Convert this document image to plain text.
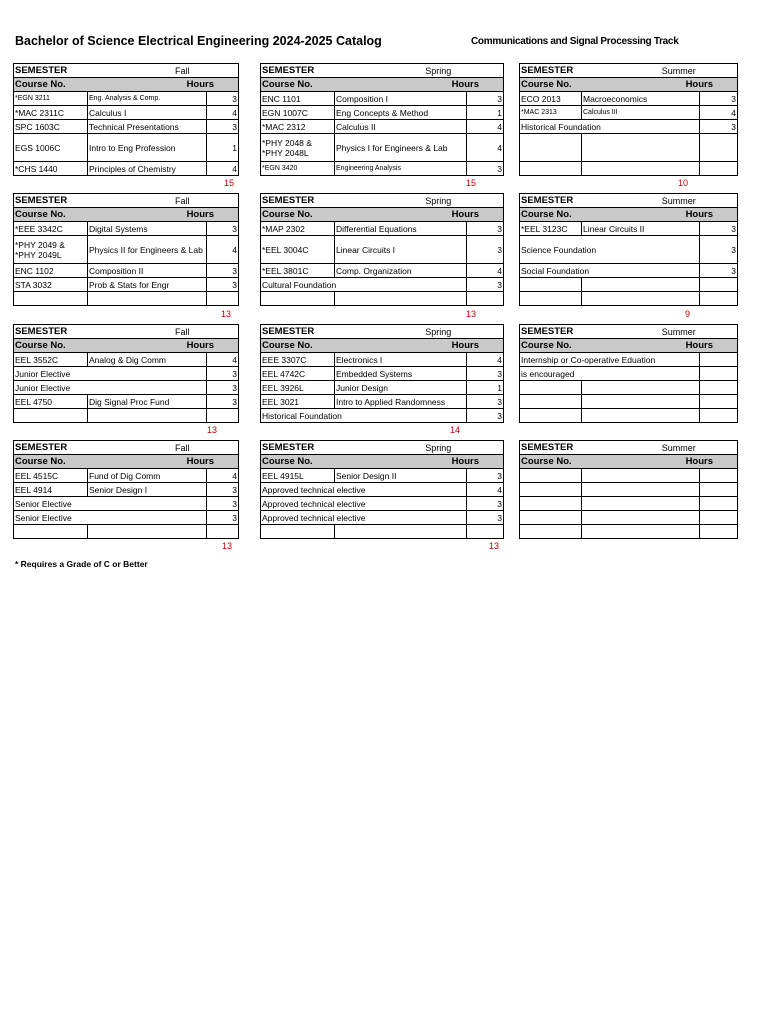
Bachelor of Science Electrical Engineering 2024-2025 Catalog	Communications and Signal Processing Track
SEMESTER	Fall	
Course No.	Hours	
*EGN 3211	Eng. Analysis & Comp.	3
*MAC 2311C	Calculus I	4
SPC 1603C	Technical Presentations	3
EGS 1006C	Intro to Eng Profession	1
*CHS 1440	Principles of Chemistry	4
15
SEMESTER	Spring	
Course No.	Hours	
ENC 1101	Composition I	3
EGN 1007C	Eng Concepts & Method	1
*MAC 2312	Calculus II	4
*PHY 2048 & *PHY 2048L	Physics I for Engineers & Lab	4
*EGN 3420	Engineering Analysis	3
15
SEMESTER	Summer	
Course No.	Hours	
ECO 2013	Macroeconomics	3
*MAC 2313	Calculus III	4
Historical Foundation		3

10
SEMESTER	Fall	
Course No.	Hours	
*EEE 3342C	Digital Systems	3
*PHY 2049 & *PHY 2049L	Physics II for Engineers & Lab	4
ENC 1102	Composition II	3
STA 3032	Prob & Stats for Engr	3

13
SEMESTER	Spring	
Course No.	Hours	
*MAP 2302	Differential Equations	3
*EEL 3004C	Linear Circuits I	3
*EEL 3801C	Comp. Organization	4
Cultural Foundation		3

13
SEMESTER	Summer	
Course No.	Hours	
*EEL 3123C	Linear Circuits II	3
Science Foundation		3
Social Foundation		3

9
SEMESTER	Fall	
Course No.	Hours	
EEL 3552C	Analog & Dig Comm	4
Junior Elective		3
Junior Elective		3
EEL 4750	Dig Signal Proc Fund	3

13
SEMESTER	Spring	
Course No.	Hours	
EEE 3307C	Electronics I	4
EEL 4742C	Embedded Systems	3
EEL 3926L	Junior Design	1
EEL 3021	Intro to Applied Randomness	3
Historical Foundation		3
14
SEMESTER	Summer	
Course No.	Hours	
Internship or Co-operative Eduation		
is encouraged		

SEMESTER	Fall	
Course No.	Hours	
EEL 4515C	Fund of Dig Comm	4
EEL 4914	Senior Design I	3
Senior Elective		3
Senior Elective		3

13
SEMESTER	Spring	
Course No.	Hours	
EEL 4915L	Senior Design II	3
Approved technical elective		4
Approved technical elective		3
Approved technical elective		3

13
SEMESTER	Summer	
Course No.	Hours	

* Requires a Grade of C or Better
